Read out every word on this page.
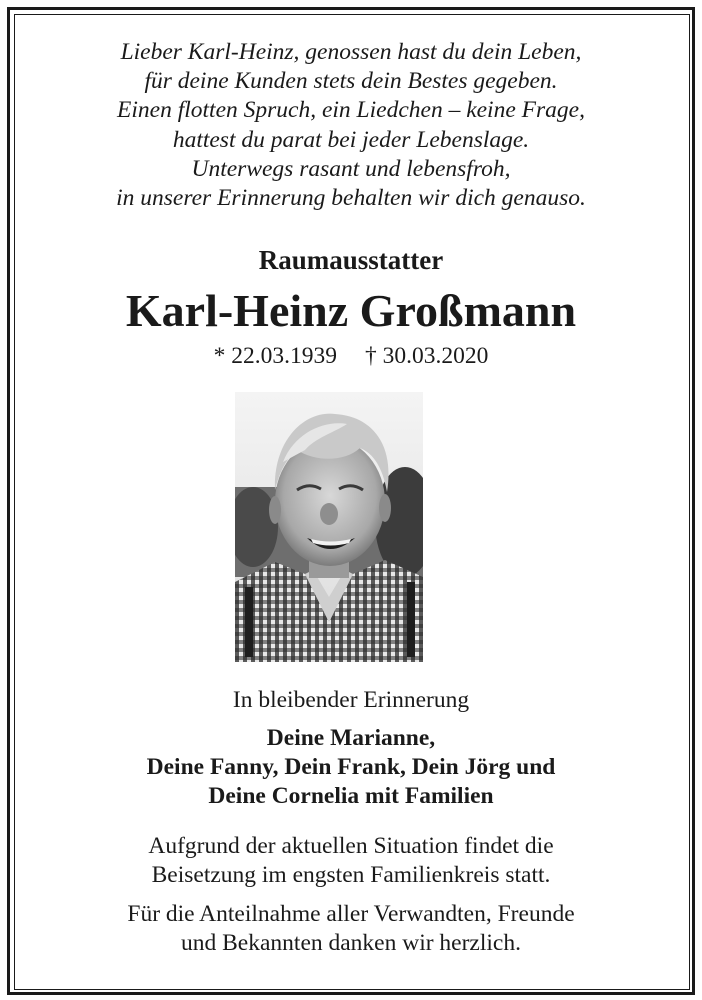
Lieber Karl-Heinz, genossen hast du dein Leben,
für deine Kunden stets dein Bestes gegeben.
Einen flotten Spruch, ein Liedchen – keine Frage,
hattest du parat bei jeder Lebenslage.
Unterwegs rasant und lebensfroh,
in unserer Erinnerung behalten wir dich genauso.
Raumausstatter
Karl-Heinz Großmann
* 22.03.1939 † 30.03.2020
In bleibender Erinnerung
Deine Marianne,
Deine Fanny, Dein Frank, Dein Jörg und
Deine Cornelia mit Familien
Aufgrund der aktuellen Situation findet die
Beisetzung im engsten Familienkreis statt.
Für die Anteilnahme aller Verwandten, Freunde
und Bekannten danken wir herzlich.
